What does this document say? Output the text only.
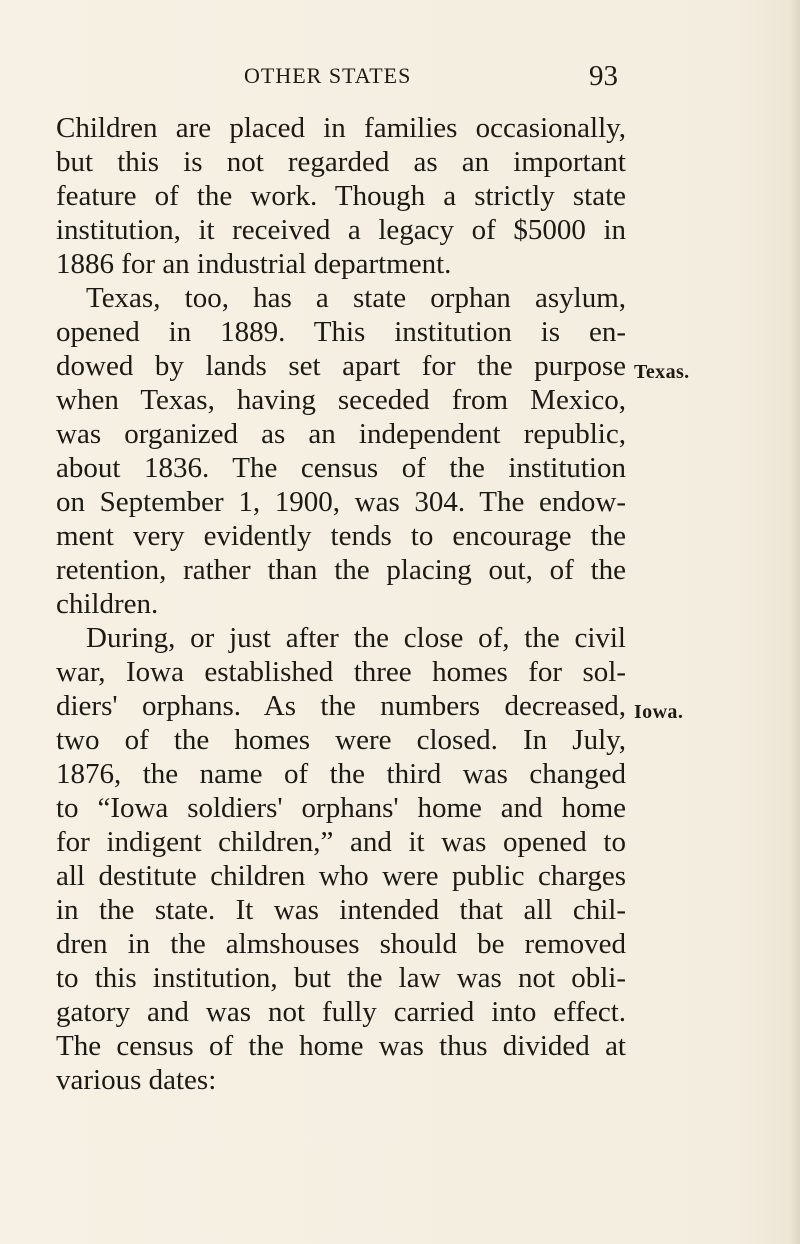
OTHER STATES	93
Children are placed in families occasionally,
but this is not regarded as an important
feature of the work. Though a strictly state
institution, it received a legacy of $5000 in
1886 for an industrial department.
Texas, too, has a state orphan asylum,
opened in 1889. This institution is en-
dowed by lands set apart for the purpose
when Texas, having seceded from Mexico,
was organized as an independent republic,
about 1836. The census of the institution
on September 1, 1900, was 304. The endow-
ment very evidently tends to encourage the
retention, rather than the placing out, of the
children.
During, or just after the close of, the civil
war, Iowa established three homes for sol-
diers' orphans. As the numbers decreased,
two of the homes were closed. In July,
1876, the name of the third was changed
to “Iowa soldiers' orphans' home and home
for indigent children,” and it was opened to
all destitute children who were public charges
in the state. It was intended that all chil-
dren in the almshouses should be removed
to this institution, but the law was not obli-
gatory and was not fully carried into effect.
The census of the home was thus divided at
various dates:
Texas.
Iowa.
